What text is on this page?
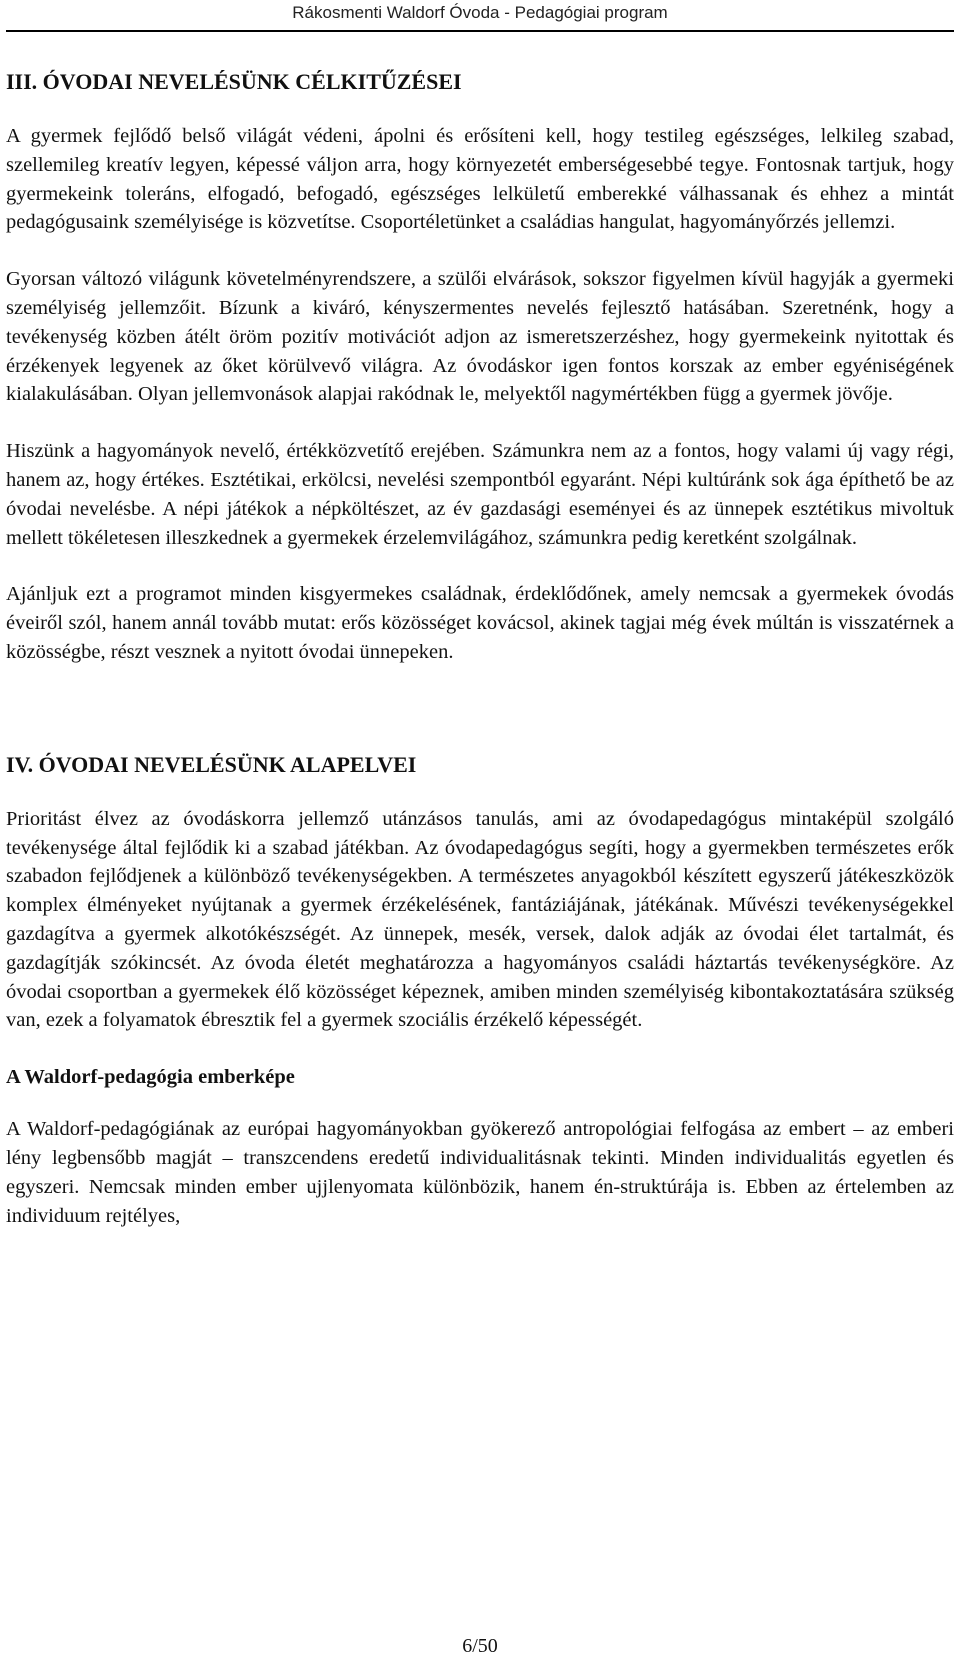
Rákosmenti Waldorf Óvoda - Pedagógiai program
III. ÓVODAI NEVELÉSÜNK CÉLKITŰZÉSEI

A gyermek fejlődő belső világát védeni, ápolni és erősíteni kell, hogy testileg egészséges, lelkileg szabad, szellemileg kreatív legyen, képessé váljon arra, hogy környezetét emberségesebbé tegye. Fontosnak tartjuk, hogy gyermekeink toleráns, elfogadó, befogadó, egészséges lelkületű emberekké válhassanak és ehhez a mintát pedagógusaink személyisége is közvetítse. Csoportéletünket a családias hangulat, hagyományőrzés jellemzi.

Gyorsan változó világunk követelményrendszere, a szülői elvárások, sokszor figyelmen kívül hagyják a gyermeki személyiség jellemzőit. Bízunk a kiváró, kényszermentes nevelés fejlesztő hatásában. Szeretnénk, hogy a tevékenység közben átélt öröm pozitív motivációt adjon az ismeretszerzéshez, hogy gyermekeink nyitottak és érzékenyek legyenek az őket körülvevő világra. Az óvodáskor igen fontos korszak az ember egyéniségének kialakulásában. Olyan jellemvonások alapjai rakódnak le, melyektől nagymértékben függ a gyermek jövője.

Hiszünk a hagyományok nevelő, értékközvetítő erejében. Számunkra nem az a fontos, hogy valami új vagy régi, hanem az, hogy értékes. Esztétikai, erkölcsi, nevelési szempontból egyaránt. Népi kultúránk sok ága építhető be az óvodai nevelésbe. A népi játékok a népköltészet, az év gazdasági eseményei és az ünnepek esztétikus mivoltuk mellett tökéletesen illeszkednek a gyermekek érzelemvilágához, számunkra pedig keretként szolgálnak.

Ajánljuk ezt a programot minden kisgyermekes családnak, érdeklődőnek, amely nemcsak a gyermekek óvodás éveiről szól, hanem annál tovább mutat: erős közösséget kovácsol, akinek tagjai még évek múltán is visszatérnek a közösségbe, részt vesznek a nyitott óvodai ünnepeken.

IV. ÓVODAI NEVELÉSÜNK ALAPELVEI

Prioritást élvez az óvodáskorra jellemző utánzásos tanulás, ami az óvodapedagógus mintaképül szolgáló tevékenysége által fejlődik ki a szabad játékban. Az óvodapedagógus segíti, hogy a gyermekben természetes erők szabadon fejlődjenek a különböző tevékenységekben. A természetes anyagokból készített egyszerű játékeszközök komplex élményeket nyújtanak a gyermek érzékelésének, fantáziájának, játékának. Művészi tevékenységekkel gazdagítva a gyermek alkotókészségét. Az ünnepek, mesék, versek, dalok adják az óvodai élet tartalmát, és gazdagítják szókincsét. Az óvoda életét meghatározza a hagyományos családi háztartás tevékenységköre. Az óvodai csoportban a gyermekek élő közösséget képeznek, amiben minden személyiség kibontakoztatására szükség van, ezek a folyamatok ébresztik fel a gyermek szociális érzékelő képességét.

A Waldorf-pedagógia emberképe

A Waldorf-pedagógiának az európai hagyományokban gyökerező antropológiai felfogása az embert – az emberi lény legbensőbb magját – transzcendens eredetű individualitásnak tekinti. Minden individualitás egyetlen és egyszeri. Nemcsak minden ember ujjlenyomata különbözik, hanem én-struktúrája is. Ebben az értelemben az individuum rejtélyes,

6/50
